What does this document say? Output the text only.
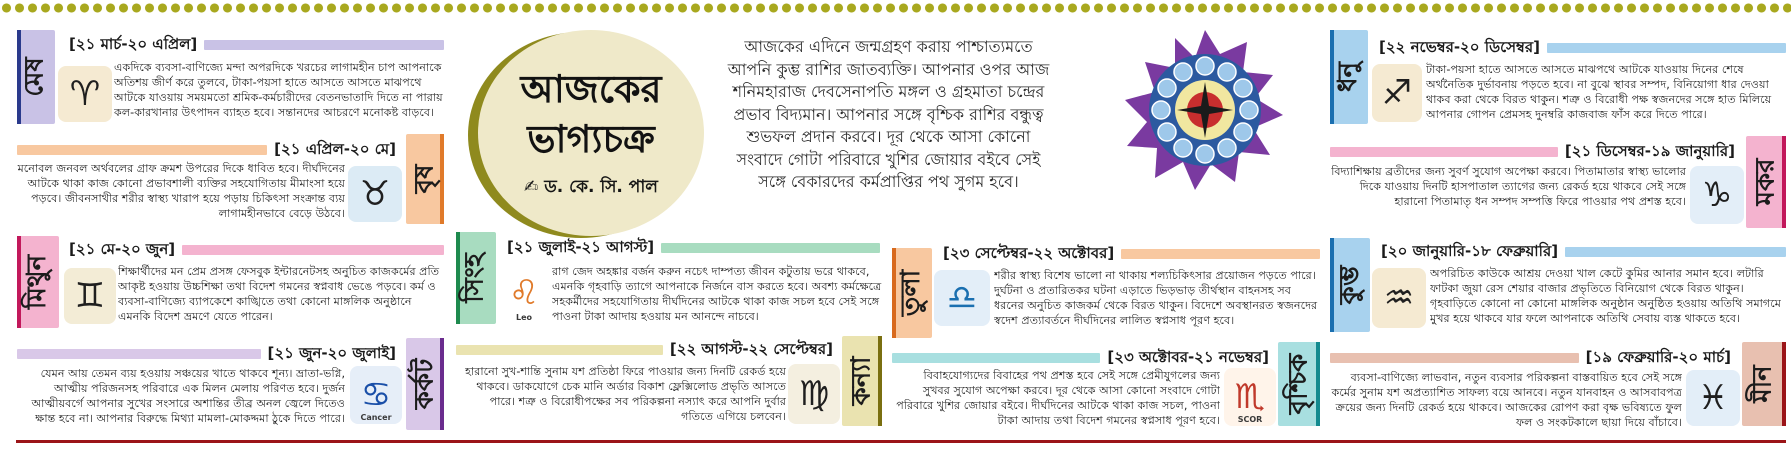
আজকের ভাগ্যচক্র
✍ ড. কে. সি. পাল
আজকের এদিনে জন্মগ্রহণ করায় পাশ্চাত্যমতে আপনি কুম্ভ রাশির জাতব্যক্তি। আপনার ওপর আজ শনিমহারাজ দেবসেনাপতি মঙ্গল ও গ্রহমাতা চন্দ্রের প্রভাব বিদ্যমান। আপনার সঙ্গে বৃশ্চিক রাশির বন্ধুত্ব শুভফল প্রদান করবে। দূর থেকে আসা কোনো সংবাদে গোটা পরিবারে খুশির জোয়ার বইবে সেই সঙ্গে বেকারদের কর্মপ্রাপ্তির পথ সুগম হবে।
মেষ
[২১ মার্চ-২০ এপ্রিল]
♈
একদিকে ব্যবসা-বাণিজ্যে মন্দা অপরদিকে খরচের লাগামহীন চাপ আপনাকে অতিশয় জীর্ণ করে তুলবে, টাকা-পয়সা হাতে আসতে আসতে মাঝপথে আটকে যাওয়ায় সময়মতো শ্রমিক-কর্মচারীদের বেতনভাতাদি দিতে না পারায় কল-কারখানার উৎপাদন ব্যাহত হবে। সন্তানদের আচরণে মনোকষ্ট বাড়বে।
[২১ এপ্রিল-২০ মে]
বৃষ
♉
মনোবল জনবল অর্থবলের গ্রাফ ক্রমশ উপরের দিকে ধাবিত হবে। দীর্ঘদিনের আটকে থাকা কাজ কোনো প্রভাবশালী ব্যক্তির সহযোগিতায় মীমাংসা হয়ে পড়বে। জীবনসাথীর শরীর স্বাস্থ্য খারাপ হয়ে পড়ায় চিকিৎসা সংক্রান্ত ব্যয় লাগামহীনভাবে বেড়ে উঠবে।
মিথুন
[২১ মে-২০ জুন]
♊
শিক্ষার্থীদের মন প্রেম প্রসঙ্গ ফেসবুক ইন্টারনেটসহ অনুচিত কাজকর্মের প্রতি আকৃষ্ট হওয়ায় উচ্চশিক্ষা তথা বিদেশ গমনের স্বপ্নবাধ ভেঙে পড়বে। কর্ম ও ব্যবসা-বাণিজ্যে ব্যাপকেশে কাঙ্খিতে তথা কোনো মাঙ্গলিক অনুষ্ঠানে এমনকি বিদেশ ভ্রমণে যেতে পারেন।
[২১ জুন-২০ জুলাই]
কর্কট
♋
Cancer
যেমন আয় তেমন ব্যয় হওয়ায় সঞ্চয়ের খাতে থাকবে শূন্য। ভ্রাতা-ভগ্নি, আত্মীয় পরিজনসহ পরিবারে এক মিলন মেলায় পরিণত হবে। দুর্জন আত্মীয়বর্গে আপনার সুখের সংসারে অশান্তির তীব্র অনল জ্বেলে দিতেও ক্ষান্ত হবে না। আপনার বিরুদ্ধে মিথ্যা মামলা-মোকদ্দমা ঠুকে দিতে পারে।
সিংহ
[২১ জুলাই-২১ আগস্ট]
♌
Leo
রাগ জেদ অহঙ্কার বর্জন করুন নচেৎ দাম্পত্য জীবন কটুতায় ভরে থাকবে, এমনকি গৃহবাড়ি ত্যাগে আপনাকে নির্জনে বাস করতে হবে। অবশ্য কর্মক্ষেত্রে সহকর্মীদের সহযোগিতায় দীর্ঘদিনের আটকে থাকা কাজ সচল হবে সেই সঙ্গে পাওনা টাকা আদায় হওয়ায় মন আনন্দে নাচবে।
[২২ আগস্ট-২২ সেপ্টেম্বর]
কন্যা
♍
হারানো সুখ-শান্তি সুনাম যশ প্রতিষ্ঠা ফিরে পাওয়ার জন্য দিনটি রেকর্ড হয়ে থাকবে। ডাকযোগে চেক মানি অর্ডার বিকাশ ফ্লেক্সিলোড প্রভৃতি আসতে পারে। শত্রু ও বিরোধীপক্ষের সব পরিকল্পনা নস্যাৎ করে আপনি দুর্বার গতিতে এগিয়ে চলবেন।
তুলা
[২৩ সেপ্টেম্বর-২২ অক্টোবর]
♎
শরীর স্বাস্থ্য বিশেষ ভালো না থাকায় শল্যচিকিৎসার প্রয়োজন পড়তে পারে। দুর্ঘটনা ও প্রতারিতকর ঘটনা এড়াতে ভিড়ভাড় তীর্থস্থান বাহনসহ সব ধরনের অনুচিত কাজকর্ম থেকে বিরত থাকুন। বিদেশে অবস্থানরত স্বজনদের স্বদেশ প্রত্যাবর্তনে দীর্ঘদিনের লালিত স্বপ্নসাধ পূরণ হবে।
[২৩ অক্টোবর-২১ নভেম্বর] বৃশ্চিক
♏
SCOR
বিবাহযোগ্যদের বিবাহের পথ প্রশস্ত হবে সেই সঙ্গে প্রেমীযুগলের জন্য সুখবর সুযোগ অপেক্ষা করবে। দূর থেকে আসা কোনো সংবাদে গোটা পরিবারে খুশির জোয়ার বইবে। দীর্ঘদিনের আটকে থাকা কাজ সচল, পাওনা টাকা আদায় তথা বিদেশ গমনের স্বপ্নসাধ পূরণ হবে।
ধনু
[২২ নভেম্বর-২০ ডিসেম্বর]
♐
টাকা-পয়সা হাতে আসতে আসতে মাঝপথে আটকে যাওয়ায় দিনের শেষে অর্থনৈতিক দুর্ভাবনায় পড়তে হবে। না বুঝে স্থাবর সম্পদ, বিনিয়োগা ধার দেওয়া থাকব করা থেকে বিরত থাকুন। শত্রু ও বিরোধী পক্ষ স্বজনদের সঙ্গে হাত মিলিয়ে আপনার গোপন প্রেমসহ দুনম্বরি কাজবাজ ফাঁস করে দিতে পারে।
[২১ ডিসেম্বর-১৯ জানুয়ারি]
মকর
♑
বিদ্যাশিক্ষায় ব্রতীদের জন্য সুবর্ণ সুযোগ অপেক্ষা করবে। পিতামাতার স্বাস্থ্য ভালোর দিকে যাওয়ায় দিনটি হাসপাতাল ত্যাগের জন্য রেকর্ড হয়ে থাকবে সেই সঙ্গে হারানো পিতামাতৃ ধন সম্পদ সম্পত্তি ফিরে পাওয়ার পথ প্রশস্ত হবে।
কুম্ভ
[২০ জানুয়ারি-১৮ ফেব্রুয়ারি]
♒
অপরিচিত কাউকে আশ্রয় দেওয়া খাল কেটে কুমির আনার সমান হবে। লটারি ফাটকা জুয়া রেস শেয়ার বাজার প্রভৃতিতে বিনিয়োগ থেকে বিরত থাকুন। গৃহবাড়িতে কোনো না কোনো মাঙ্গলিক অনুষ্ঠান অনুষ্ঠিত হওয়ায় অতিথি সমাগমে মুখর হয়ে থাকবে যার ফলে আপনাকে অতিথি সেবায় ব্যস্ত থাকতে হবে।
[১৯ ফেব্রুয়ারি-২০ মার্চ]
মীন
♓
ব্যবসা-বাণিজ্যে লাভবান, নতুন ব্যবসার পরিকল্পনা বাস্তবায়িত হবে সেই সঙ্গে কর্মের সুনাম যশ অপ্রত্যাশিত সাফল্য বয়ে আনবে। নতুন যানবাহন ও আসবাবপত্র ক্রয়ের জন্য দিনটি রেকর্ড হয়ে থাকবে। আজকের রোপণ করা বৃক্ষ ভবিষ্যতে ফুল ফল ও সংকটকালে ছায়া দিয়ে বাঁচাবে।
